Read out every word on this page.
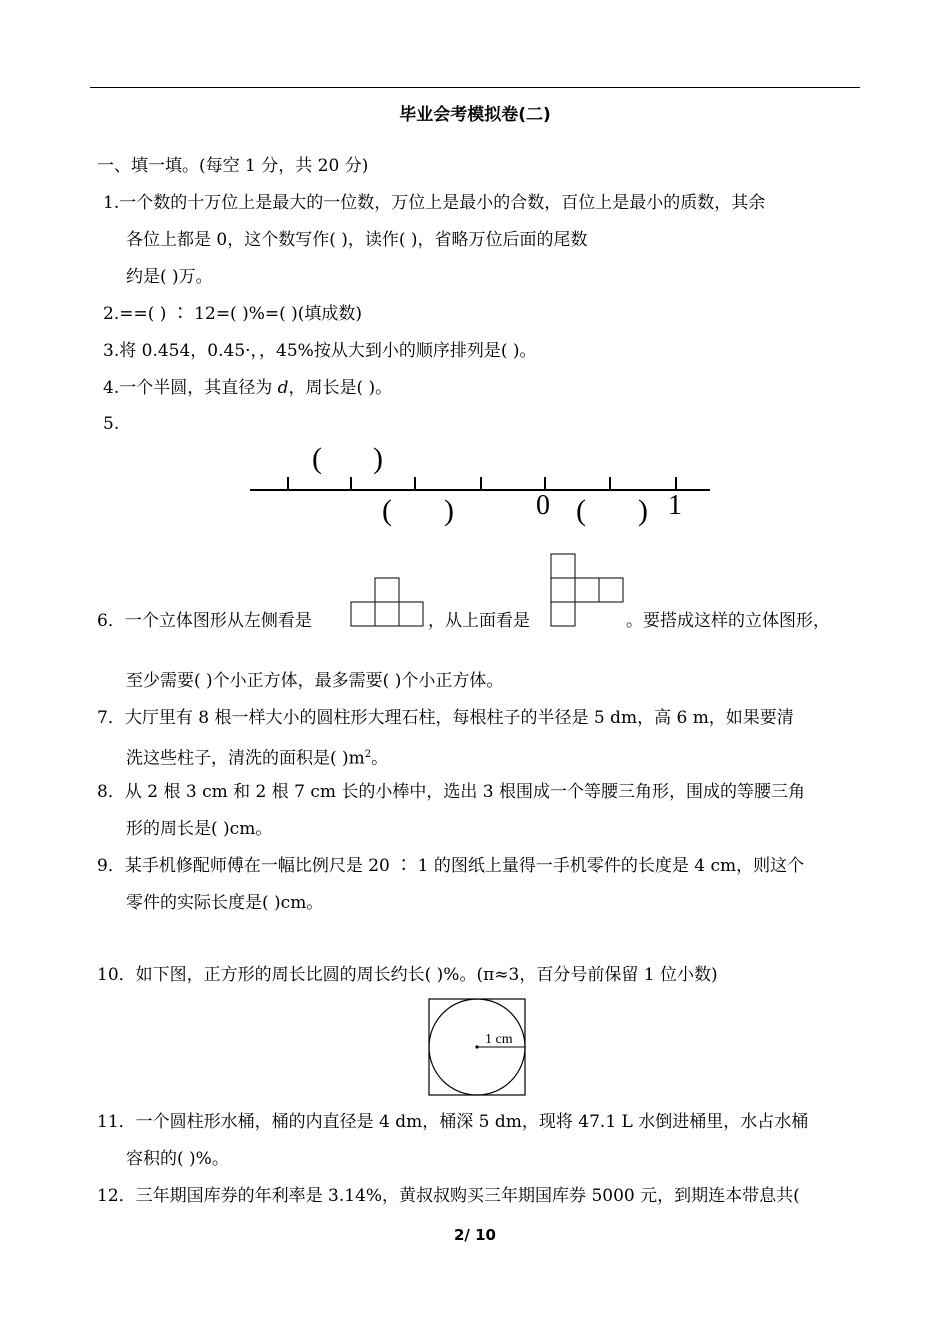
毕业会考模拟卷(二)
一、填一填。(每空 1 分，共 20 分)
1.一个数的十万位上是最大的一位数，万位上是最小的合数，百位上是最小的质数，其余
各位上都是 0，这个数写作( )，读作( )，省略万位后面的尾数
约是( )万。
2.==( ) ∶ 12=( )%=( )(填成数)
3.将 0.454，0.45·，，45%按从大到小的顺序排列是( )。
4.一个半圆，其直径为 d，周长是( )。
5.
( )
( )	0 ( ) 1
6．一个立体图形从左侧看是	，从上面看是	。要搭成这样的立体图形，
至少需要( )个小正方体，最多需要( )个小正方体。
7．大厅里有 8 根一样大小的圆柱形大理石柱，每根柱子的半径是 5 dm，高 6 m，如果要清
洗这些柱子，清洗的面积是( )$m^2$。
8．从 2 根 3 cm 和 2 根 7 cm 长的小棒中，选出 3 根围成一个等腰三角形，围成的等腰三角
形的周长是( )cm。
9．某手机修配师傅在一幅比例尺是 20 ∶ 1 的图纸上量得一手机零件的长度是 4 cm，则这个
零件的实际长度是( )cm。
10．如下图，正方形的周长比圆的周长约长( )%。(π≈3，百分号前保留 1 位小数)
1 cm
11．一个圆柱形水桶，桶的内直径是 4 dm，桶深 5 dm，现将 47.1 L 水倒进桶里，水占水桶
容积的( )%。
12．三年期国库券的年利率是 3.14%，黄叔叔购买三年期国库券 5000 元，到期连本带息共(
2/ 10
